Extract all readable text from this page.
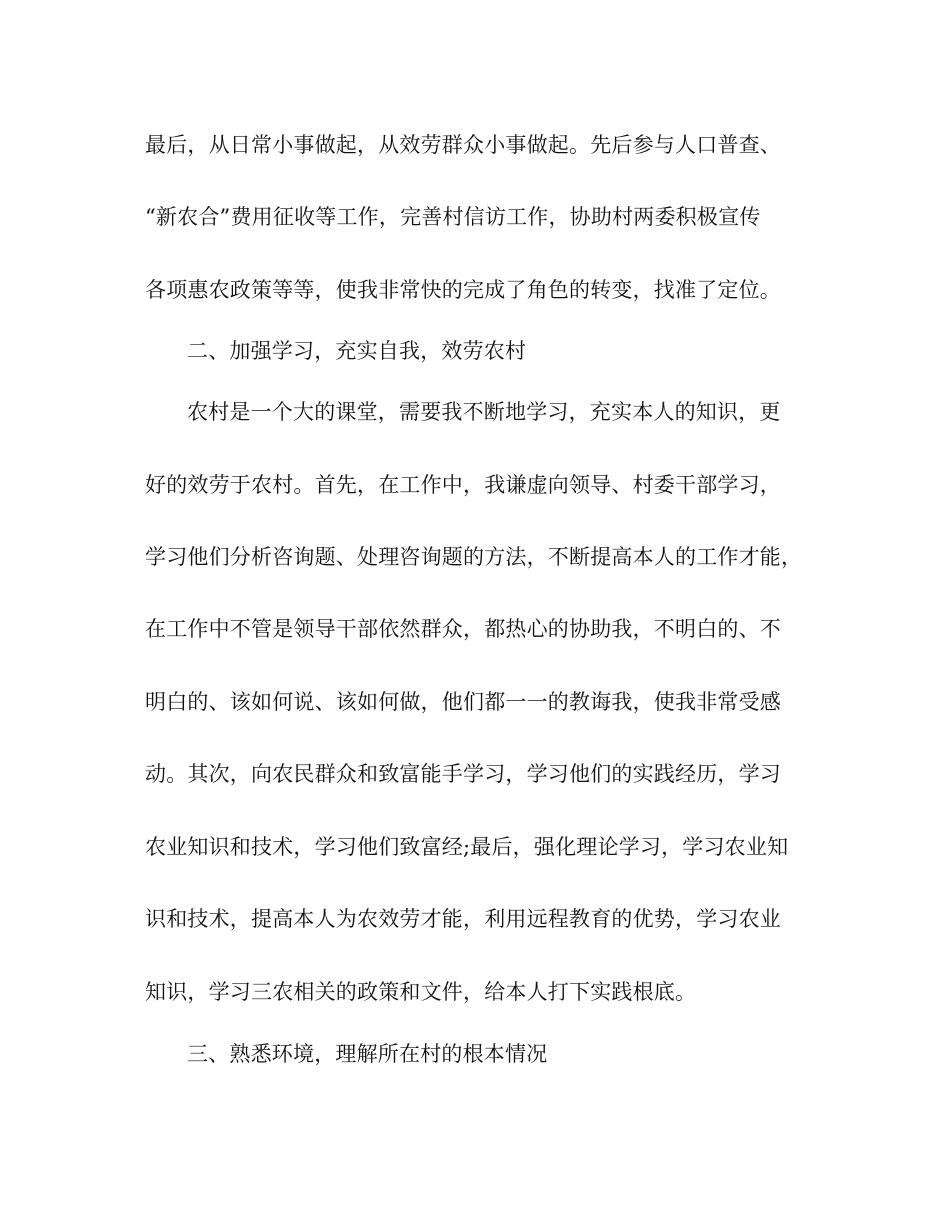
最后，从日常小事做起，从效劳群众小事做起。先后参与人口普查、
“新农合”费用征收等工作，完善村信访工作，协助村两委积极宣传
各项惠农政策等等，使我非常快的完成了角色的转变，找准了定位。
二、加强学习，充实自我，效劳农村
农村是一个大的课堂，需要我不断地学习，充实本人的知识，更
好的效劳于农村。首先，在工作中，我谦虚向领导、村委干部学习，
学习他们分析咨询题、处理咨询题的方法，不断提高本人的工作才能，
在工作中不管是领导干部依然群众，都热心的协助我，不明白的、不
明白的、该如何说、该如何做，他们都一一的教诲我，使我非常受感
动。其次，向农民群众和致富能手学习，学习他们的实践经历，学习
农业知识和技术，学习他们致富经;最后，强化理论学习，学习农业知
识和技术，提高本人为农效劳才能，利用远程教育的优势，学习农业
知识，学习三农相关的政策和文件，给本人打下实践根底。
三、熟悉环境，理解所在村的根本情况
